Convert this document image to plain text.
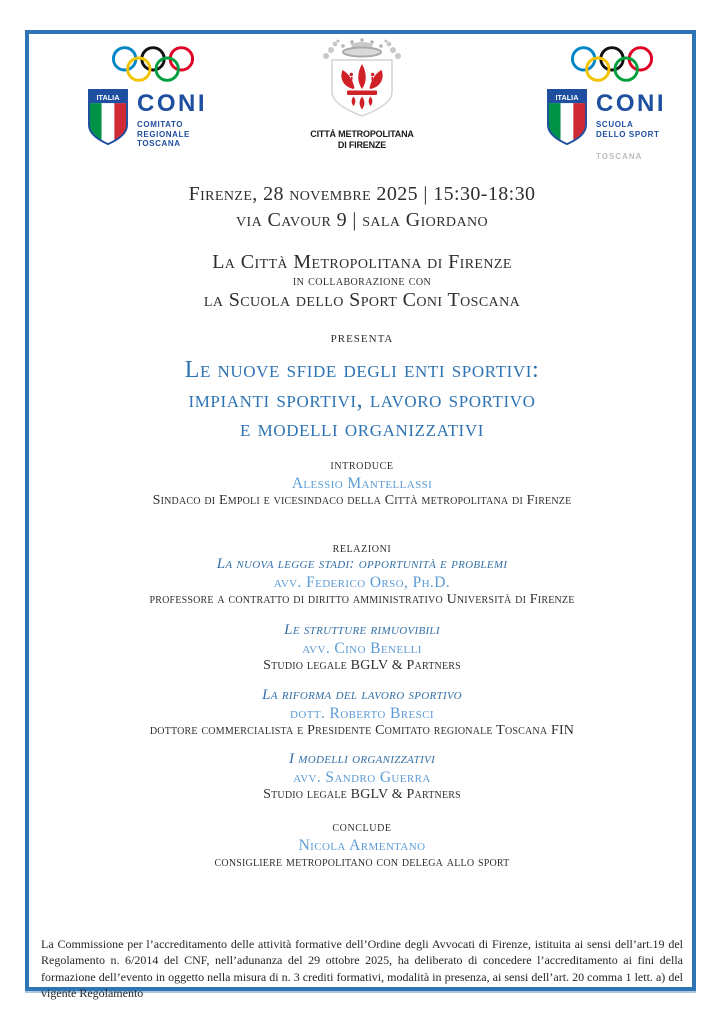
ITALIA CONI
COMITATO
REGIONALE
TOSCANA
CITTÀ METROPOLITANA
DI FIRENZE
ITALIA CONI
SCUOLA
DELLO SPORT
TOSCANA
Firenze, 28 novembre 2025 | 15:30-18:30
via Cavour 9 | sala Giordano
La Città Metropolitana di Firenze
in collaborazione con
la Scuola dello Sport Coni Toscana
presenta
Le nuove sfide degli enti sportivi:
impianti sportivi, lavoro sportivo
e modelli organizzativi
introduce
Alessio Mantellassi
Sindaco di Empoli e vicesindaco della Città metropolitana di Firenze
relazioni
La nuova legge stadi: opportunità e problemi
avv. Federico Orso, Ph.D.
professore a contratto di diritto amministrativo Università di Firenze
Le strutture rimuovibili
avv. Cino Benelli
Studio legale BGLV & Partners
La riforma del lavoro sportivo
dott. Roberto Bresci
dottore commercialista e Presidente Comitato regionale Toscana FIN
I modelli organizzativi
avv. Sandro Guerra
Studio legale BGLV & Partners
conclude
Nicola Armentano
consigliere metropolitano con delega allo sport
La Commissione per l’accreditamento delle attività formative dell’Ordine degli Avvocati di Firenze, istituita ai sensi dell’art.19 del Regolamento n. 6/2014 del CNF, nell’adunanza del 29 ottobre 2025, ha deliberato di concedere l’accreditamento ai fini della formazione dell’evento in oggetto nella misura di n. 3 crediti formativi, modalità in presenza, ai sensi dell’art. 20 comma 1 lett. a) del vigente Regolamento
